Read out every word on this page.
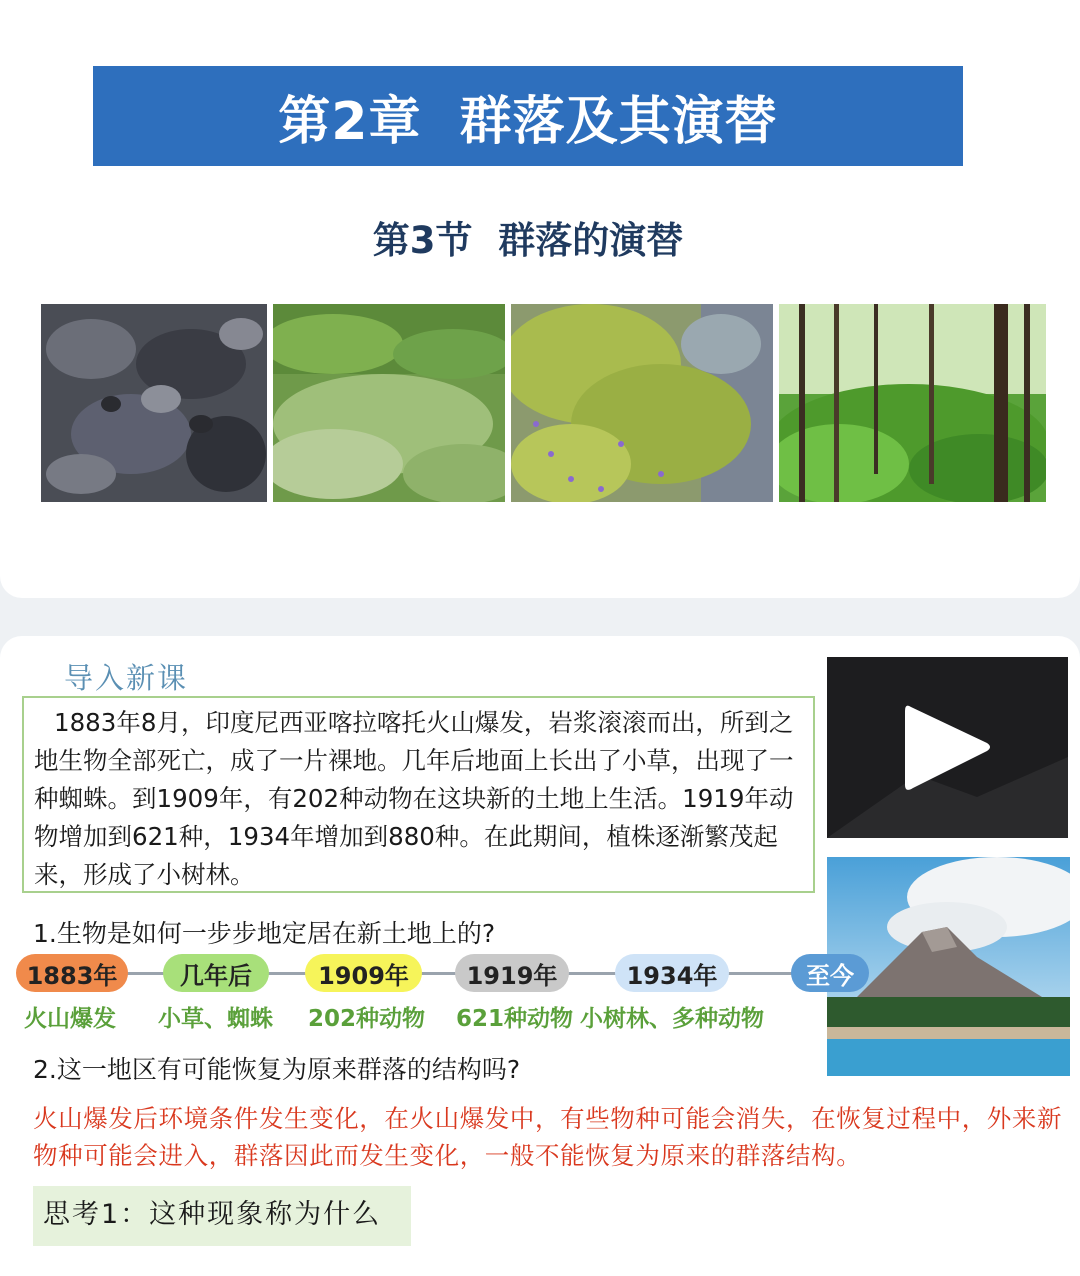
第2章  群落及其演替
第3节  群落的演替
导入新课
1883年8月，印度尼西亚喀拉喀托火山爆发，岩浆滚滚而出，所到之地生物全部死亡，成了一片裸地。几年后地面上长出了小草，出现了一种蜘蛛。到1909年，有202种动物在这块新的土地上生活。1919年动物增加到621种，1934年增加到880种。在此期间，植株逐渐繁茂起来，形成了小树林。
1.生物是如何一步步地定居在新土地上的?
1883年
火山爆发
几年后
小草、蜘蛛
1909年
202种动物
1919年
621种动物
1934年
小树林、多种动物
至今
2.这一地区有可能恢复为原来群落的结构吗?
火山爆发后环境条件发生变化，在火山爆发中，有些物种可能会消失，在恢复过程中，外来新物种可能会进入，群落因此而发生变化，一般不能恢复为原来的群落结构。
思考1：这种现象称为什么
